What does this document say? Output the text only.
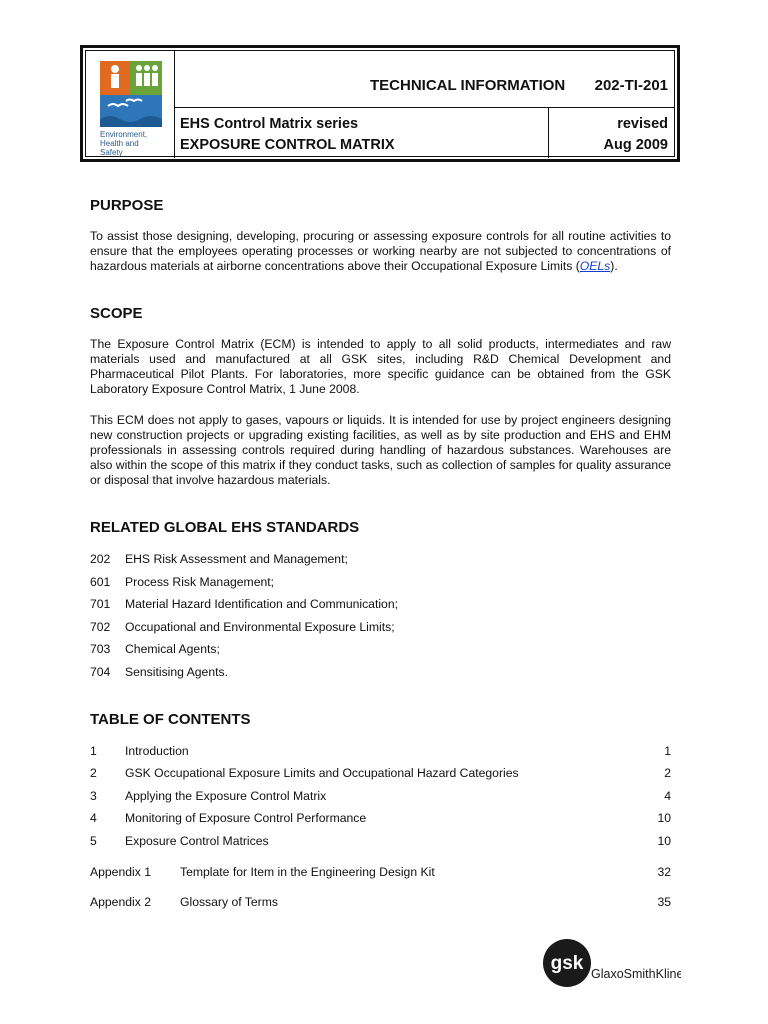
Environment,
Health and
Safety
TECHNICAL INFORMATION 202-TI-201
EHS Control Matrix series
EXPOSURE CONTROL MATRIX
revised
Aug 2009
PURPOSE
To assist those designing, developing, procuring or assessing exposure controls for all routine activities to ensure that the employees operating processes or working nearby are not subjected to concentrations of hazardous materials at airborne concentrations above their Occupational Exposure Limits (OELs).
SCOPE
The Exposure Control Matrix (ECM) is intended to apply to all solid products, intermediates and raw materials used and manufactured at all GSK sites, including R&D Chemical Development and Pharmaceutical Pilot Plants. For laboratories, more specific guidance can be obtained from the GSK Laboratory Exposure Control Matrix, 1 June 2008.
This ECM does not apply to gases, vapours or liquids. It is intended for use by project engineers designing new construction projects or upgrading existing facilities, as well as by site production and EHS and EHM professionals in assessing controls required during handling of hazardous substances. Warehouses are also within the scope of this matrix if they conduct tasks, such as collection of samples for quality assurance or disposal that involve hazardous materials.
RELATED GLOBAL EHS STANDARDS
202 EHS Risk Assessment and Management;
601 Process Risk Management;
701 Material Hazard Identification and Communication;
702 Occupational and Environmental Exposure Limits;
703 Chemical Agents;
704 Sensitising Agents.
TABLE OF CONTENTS
1 Introduction	1
2 GSK Occupational Exposure Limits and Occupational Hazard Categories	2
3 Applying the Exposure Control Matrix	4
4 Monitoring of Exposure Control Performance	10
5 Exposure Control Matrices	10
Appendix 1 Template for Item in the Engineering Design Kit	32
Appendix 2 Glossary of Terms	35
gsk GlaxoSmithKline
